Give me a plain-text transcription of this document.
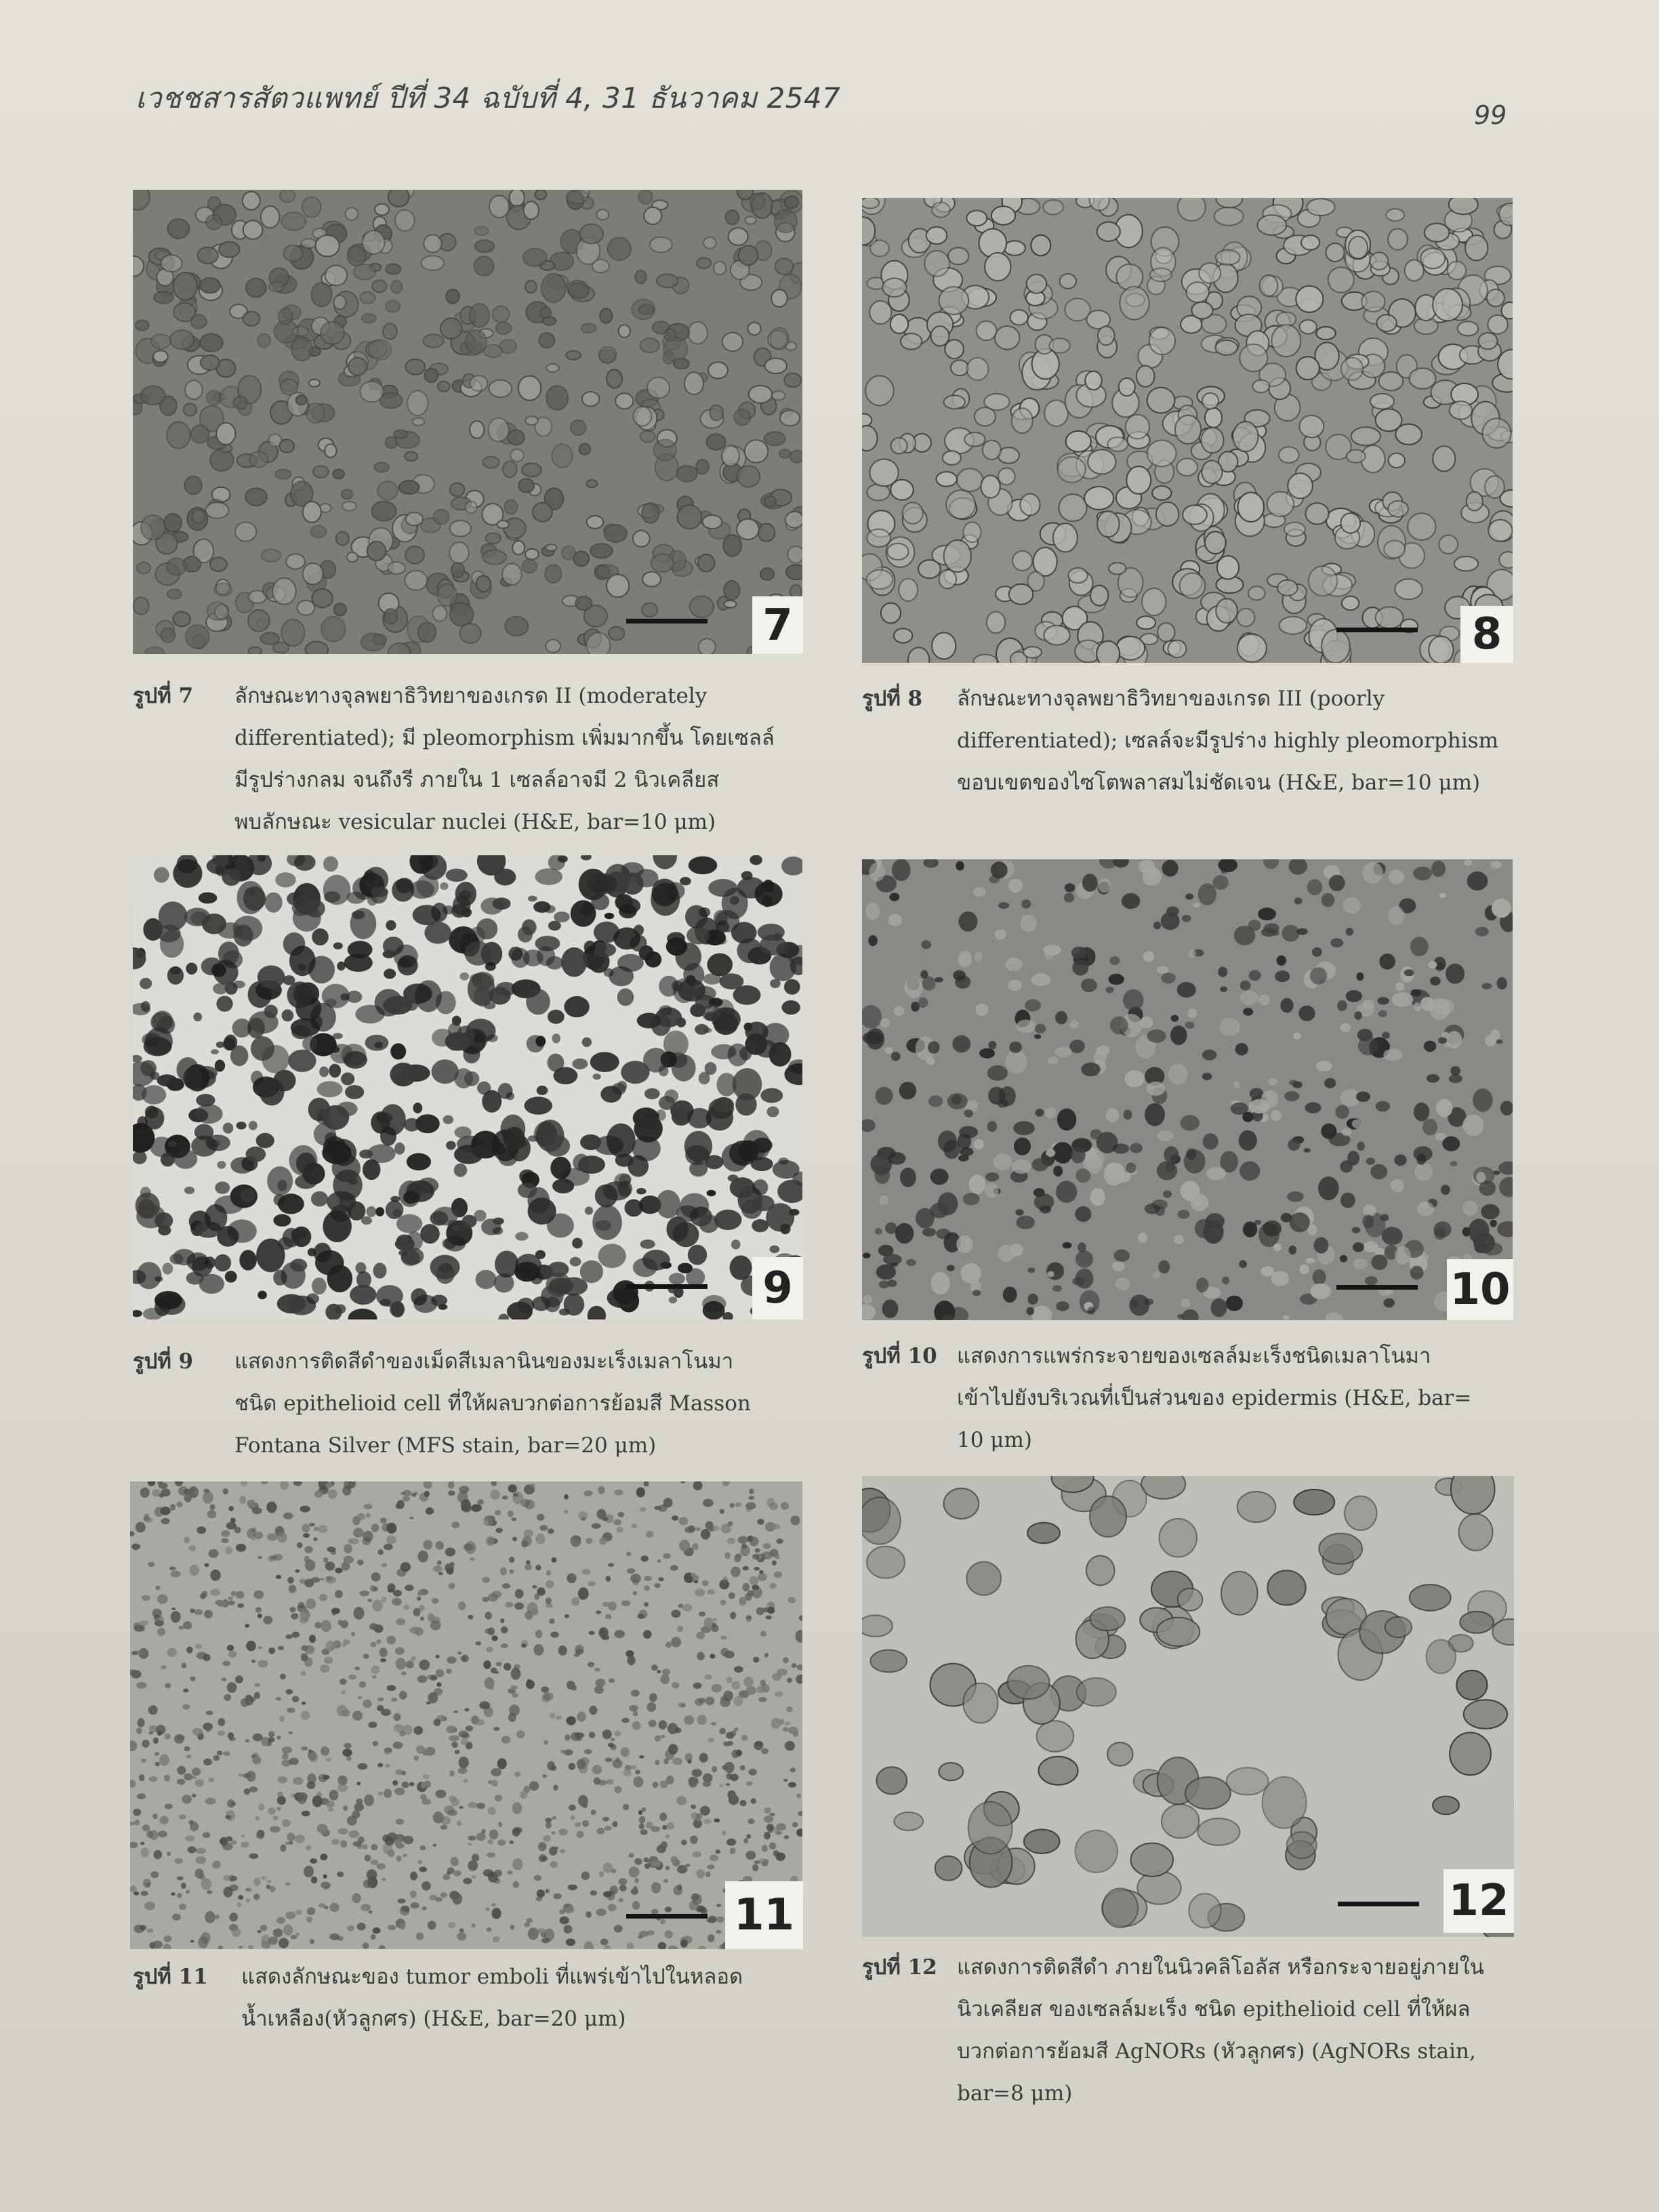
เวชชสารสัตวแพทย์ ปีที่ 34 ฉบับที่ 4, 31 ธันวาคม 2547
99
7
รูปที่ 7	ลักษณะทางจุลพยาธิวิทยาของเกรด II (moderately
differentiated); มี pleomorphism เพิ่มมากขึ้น โดยเซลล์
มีรูปร่างกลม จนถึงรี ภายใน 1 เซลล์อาจมี 2 นิวเคลียส
พบลักษณะ vesicular nuclei (H&E, bar=10 μm)
8
รูปที่ 8	ลักษณะทางจุลพยาธิวิทยาของเกรด III (poorly
differentiated); เซลล์จะมีรูปร่าง highly pleomorphism
ขอบเขตของไซโตพลาสมไม่ชัดเจน (H&E, bar=10 μm)
9
รูปที่ 9	แสดงการติดสีดำของเม็ดสีเมลานินของมะเร็งเมลาโนมา
ชนิด epithelioid cell ที่ให้ผลบวกต่อการย้อมสี Masson
Fontana Silver (MFS stain, bar=20 μm)
10
รูปที่ 10 แสดงการแพร่กระจายของเซลล์มะเร็งชนิดเมลาโนมา
เข้าไปยังบริเวณที่เป็นส่วนของ epidermis (H&E, bar=
10 μm)
11
รูปที่ 11	แสดงลักษณะของ tumor emboli ที่แพร่เข้าไปในหลอด
น้ำเหลือง(หัวลูกศร) (H&E, bar=20 μm)
12
รูปที่ 12 แสดงการติดสีดำ ภายในนิวคลิโอลัส หรือกระจายอยู่ภายใน
นิวเคลียส ของเซลล์มะเร็ง ชนิด epithelioid cell ที่ให้ผล
บวกต่อการย้อมสี AgNORs (หัวลูกศร) (AgNORs stain,
bar=8 μm)
